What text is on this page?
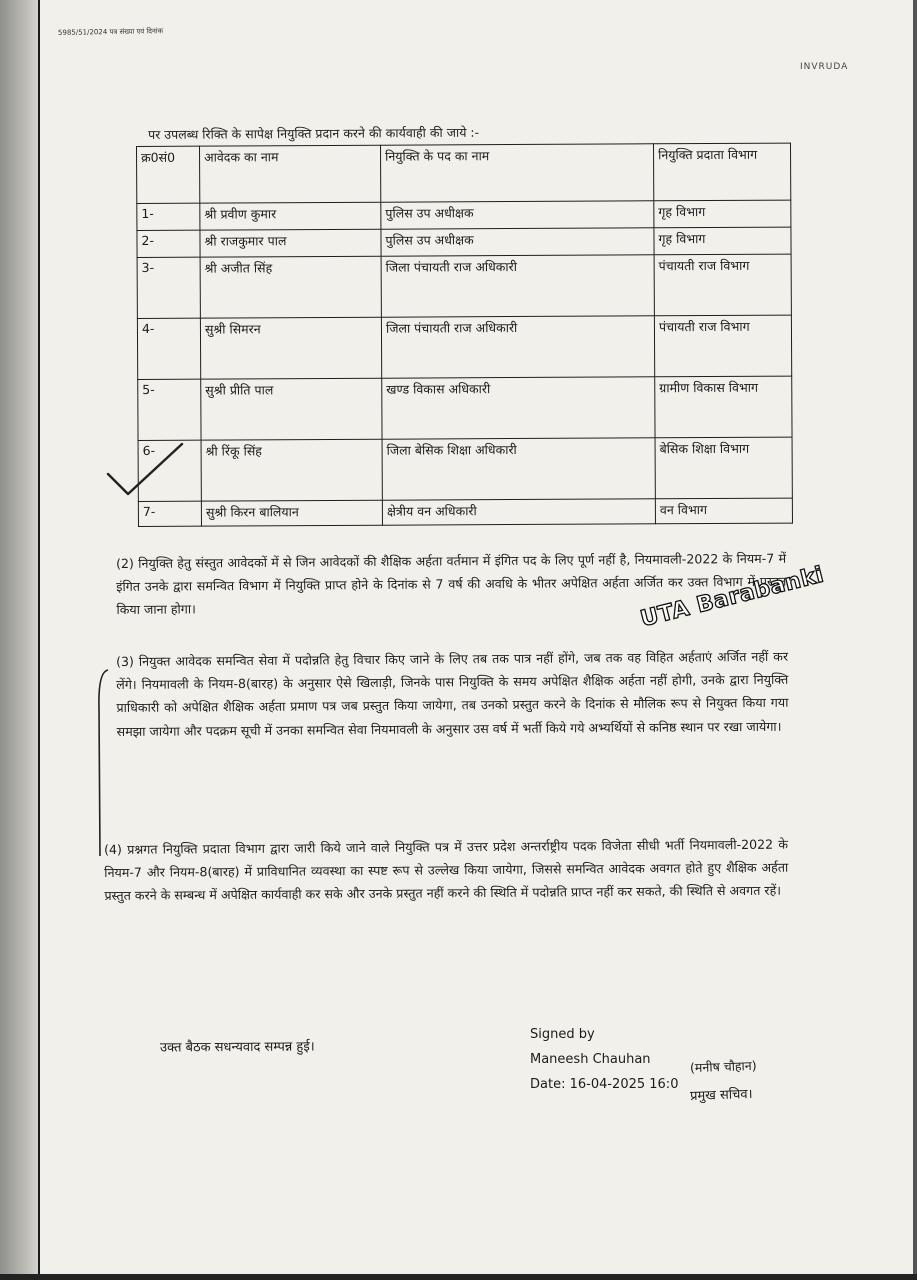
5985/51/2024 पत्र संख्या एवं दिनांक
INVRUDA
पर उपलब्ध रिक्ति के सापेक्ष नियुक्ति प्रदान करने की कार्यवाही की जाये :-
क्र0सं0	आवेदक का नाम	नियुक्ति के पद का नाम	नियुक्ति प्रदाता विभाग
1-	श्री प्रवीण कुमार	पुलिस उप अधीक्षक	गृह विभाग
2-	श्री राजकुमार पाल	पुलिस उप अधीक्षक	गृह विभाग
3-	श्री अजीत सिंह	जिला पंचायती राज अधिकारी	पंचायती राज विभाग
4-	सुश्री सिमरन	जिला पंचायती राज अधिकारी	पंचायती राज विभाग
5-	सुश्री प्रीति पाल	खण्ड विकास अधिकारी	ग्रामीण विकास विभाग
6-	श्री रिंकू सिंह	जिला बेसिक शिक्षा अधिकारी	बेसिक शिक्षा विभाग
7-	सुश्री किरन बालियान	क्षेत्रीय वन अधिकारी	वन विभाग
(2) नियुक्ति हेतु संस्तुत आवेदकों में से जिन आवेदकों की शैक्षिक अर्हता वर्तमान में इंगित पद के लिए पूर्ण नहीं है, नियमावली-2022 के नियम-7 में इंगित उनके द्वारा समन्वित विभाग में नियुक्ति प्राप्त होने के दिनांक से 7 वर्ष की अवधि के भीतर अपेक्षित अर्हता अर्जित कर उक्त विभाग में प्रस्तुत किया जाना होगा।
(3) नियुक्त आवेदक समन्वित सेवा में पदोन्नति हेतु विचार किए जाने के लिए तब तक पात्र नहीं होंगे, जब तक वह विहित अर्हताएं अर्जित नहीं कर लेंगे। नियमावली के नियम-8(बारह) के अनुसार ऐसे खिलाड़ी, जिनके पास नियुक्ति के समय अपेक्षित शैक्षिक अर्हता नहीं होगी, उनके द्वारा नियुक्ति प्राधिकारी को अपेक्षित शैक्षिक अर्हता प्रमाण पत्र जब प्रस्तुत किया जायेगा, तब उनको प्रस्तुत करने के दिनांक से मौलिक रूप से नियुक्त किया गया समझा जायेगा और पदक्रम सूची में उनका समन्वित सेवा नियमावली के अनुसार उस वर्ष में भर्ती किये गये अभ्यर्थियों से कनिष्ठ स्थान पर रखा जायेगा।
UTA Barabanki
(4) प्रश्नगत नियुक्ति प्रदाता विभाग द्वारा जारी किये जाने वाले नियुक्ति पत्र में उत्तर प्रदेश अन्तर्राष्ट्रीय पदक विजेता सीधी भर्ती नियमावली-2022 के नियम-7 और नियम-8(बारह) में प्राविधानित व्यवस्था का स्पष्ट रूप से उल्लेख किया जायेगा, जिससे समन्वित आवेदक अवगत होते हुए शैक्षिक अर्हता प्रस्तुत करने के सम्बन्ध में अपेक्षित कार्यवाही कर सके और उनके प्रस्तुत नहीं करने की स्थिति में पदोन्नति प्राप्त नहीं कर सकते, की स्थिति से अवगत रहें।
उक्त बैठक सधन्यवाद सम्पन्न हुई।
Signed by
Maneesh Chauhan
Date: 16-04-2025 16:0
(मनीष चौहान)
प्रमुख सचिव।
